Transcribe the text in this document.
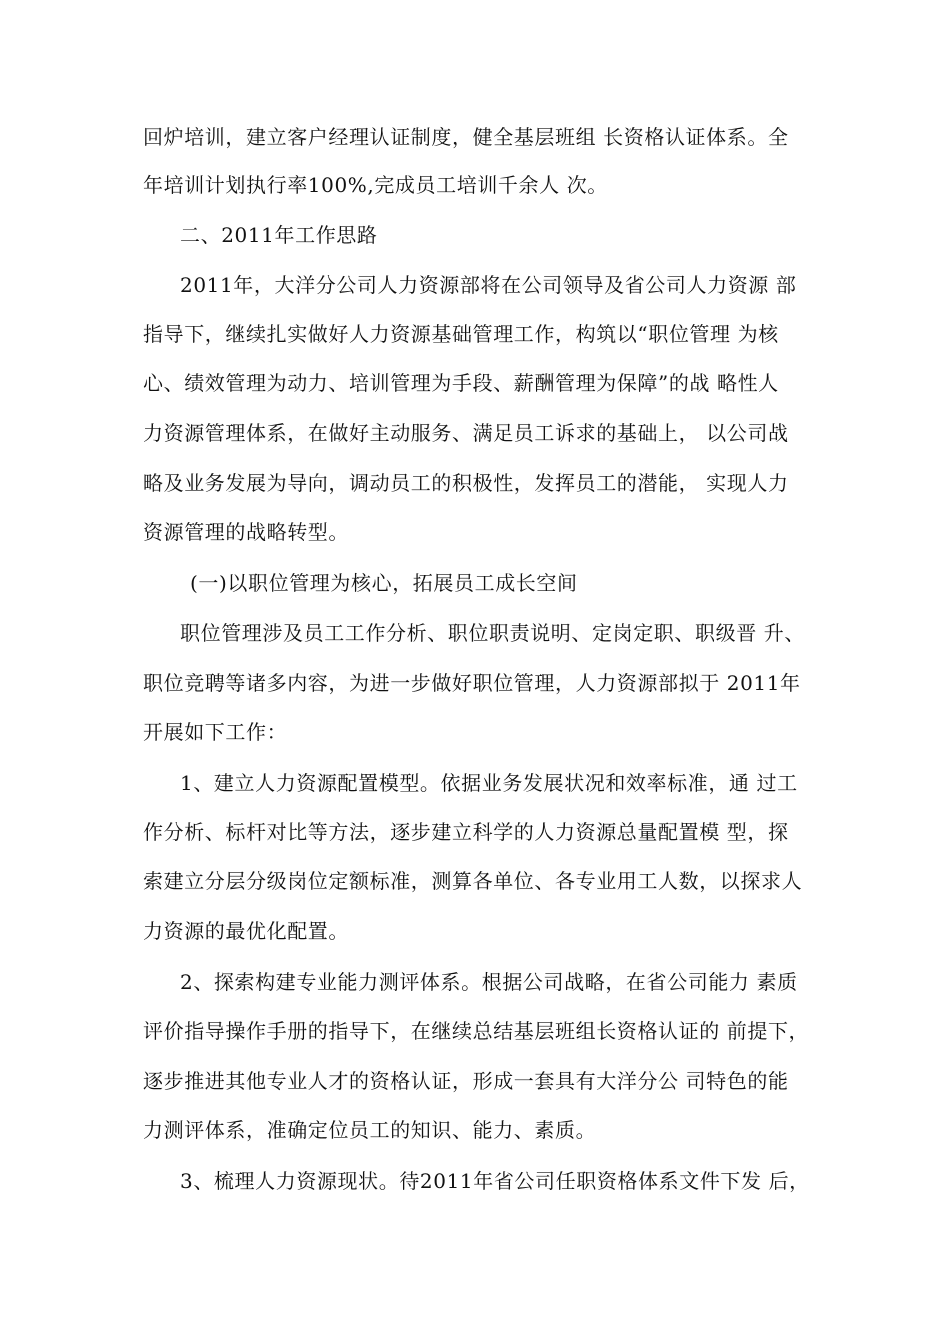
回炉培训，建立客户经理认证制度，健全基层班组 长资格认证体系。全
年培训计划执行率100%,完成员工培训千余人 次。
二、2011年工作思路
2011年，大洋分公司人力资源部将在公司领导及省公司人力资源 部
指导下，继续扎实做好人力资源基础管理工作，构筑以“职位管理 为核
心、绩效管理为动力、培训管理为手段、薪酬管理为保障”的战 略性人
力资源管理体系，在做好主动服务、满足员工诉求的基础上， 以公司战
略及业务发展为导向，调动员工的积极性，发挥员工的潜能， 实现人力
资源管理的战略转型。
(一)以职位管理为核心，拓展员工成长空间
职位管理涉及员工工作分析、职位职责说明、定岗定职、职级晋 升、
职位竞聘等诸多内容，为进一步做好职位管理，人力资源部拟于 2011年
开展如下工作：
1、建立人力资源配置模型。依据业务发展状况和效率标准，通 过工
作分析、标杆对比等方法，逐步建立科学的人力资源总量配置模 型，探
索建立分层分级岗位定额标准，测算各单位、各专业用工人数，以探求人
力资源的最优化配置。
2、探索构建专业能力测评体系。根据公司战略，在省公司能力 素质
评价指导操作手册的指导下，在继续总结基层班组长资格认证的 前提下，
逐步推进其他专业人才的资格认证，形成一套具有大洋分公 司特色的能
力测评体系，准确定位员工的知识、能力、素质。
3、梳理人力资源现状。待2011年省公司任职资格体系文件下发 后，
